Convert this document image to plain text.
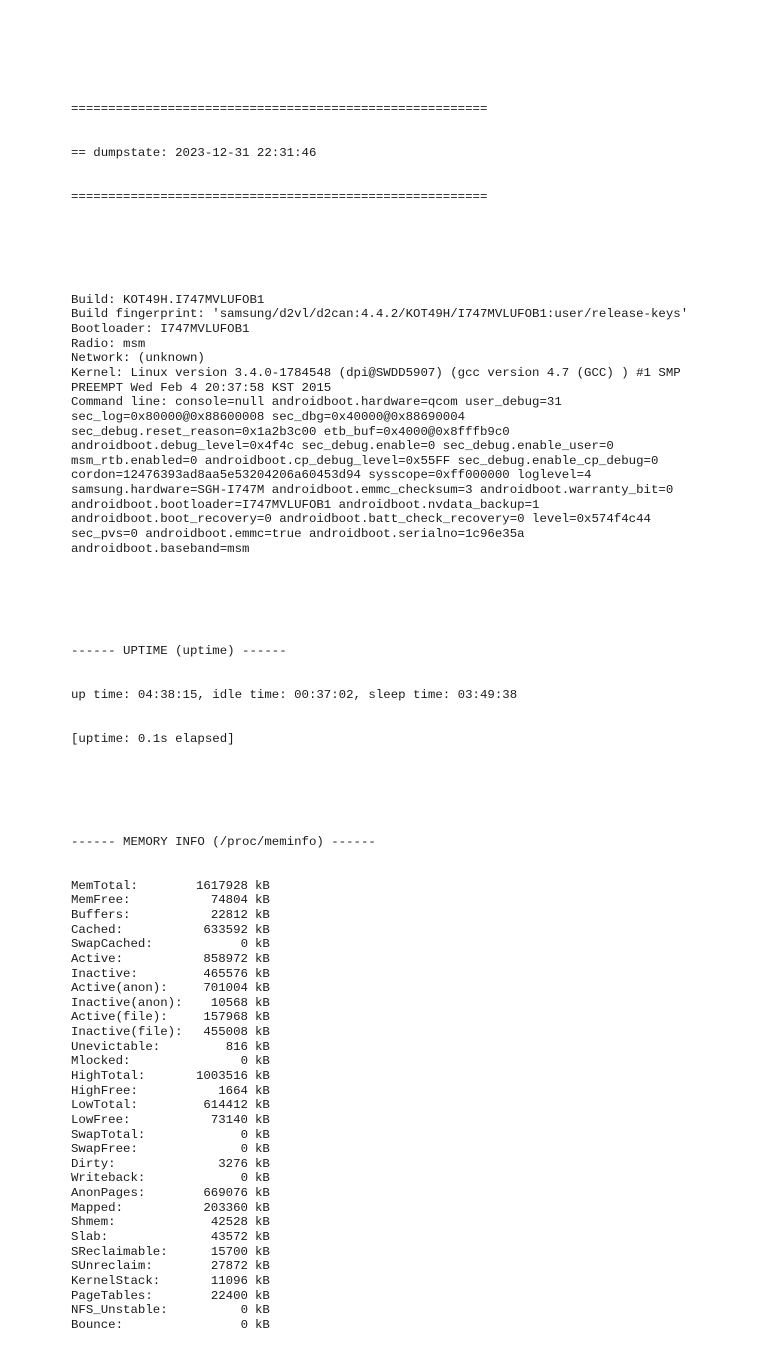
========================================================

== dumpstate: 2023-12-31 22:31:46

========================================================

Build: KOT49H.I747MVLUFOB1
Build fingerprint: 'samsung/d2vl/d2can:4.4.2/KOT49H/I747MVLUFOB1:user/release-keys'
Bootloader: I747MVLUFOB1
Radio: msm
Network: (unknown)
Kernel: Linux version 3.4.0-1784548 (dpi@SWDD5907) (gcc version 4.7 (GCC) ) #1 SMP
PREEMPT Wed Feb 4 20:37:58 KST 2015
Command line: console=null androidboot.hardware=qcom user_debug=31
sec_log=0x80000@0x88600008 sec_dbg=0x40000@0x88690004
sec_debug.reset_reason=0x1a2b3c00 etb_buf=0x4000@0x8fffb9c0
androidboot.debug_level=0x4f4c sec_debug.enable=0 sec_debug.enable_user=0
msm_rtb.enabled=0 androidboot.cp_debug_level=0x55FF sec_debug.enable_cp_debug=0
cordon=12476393ad8aa5e53204206a60453d94 sysscope=0xff000000 loglevel=4
samsung.hardware=SGH-I747M androidboot.emmc_checksum=3 androidboot.warranty_bit=0
androidboot.bootloader=I747MVLUFOB1 androidboot.nvdata_backup=1
androidboot.boot_recovery=0 androidboot.batt_check_recovery=0 level=0x574f4c44
sec_pvs=0 androidboot.emmc=true androidboot.serialno=1c96e35a
androidboot.baseband=msm

------ UPTIME (uptime) ------

up time: 04:38:15, idle time: 00:37:02, sleep time: 03:49:38

[uptime: 0.1s elapsed]

------ MEMORY INFO (/proc/meminfo) ------

MemTotal:	1617928 kB
MemFree:	74804 kB
Buffers:	22812 kB
Cached:	633592 kB
SwapCached:	0 kB
Active:	858972 kB
Inactive:	465576 kB
Active(anon):	701004 kB
Inactive(anon): 10568 kB
Active(file):	157968 kB
Inactive(file): 455008 kB
Unevictable:	816 kB
Mlocked:	0 kB
HighTotal:	1003516 kB
HighFree:	1664 kB
LowTotal:	614412 kB
LowFree:	73140 kB
SwapTotal:	0 kB
SwapFree:	0 kB
Dirty:	3276 kB
Writeback:	0 kB
AnonPages:	669076 kB
Mapped:	203360 kB
Shmem:	42528 kB
Slab:	43572 kB
SReclaimable:	15700 kB
SUnreclaim:	27872 kB
KernelStack:	11096 kB
PageTables:	22400 kB
NFS_Unstable:	0 kB
Bounce:	0 kB
